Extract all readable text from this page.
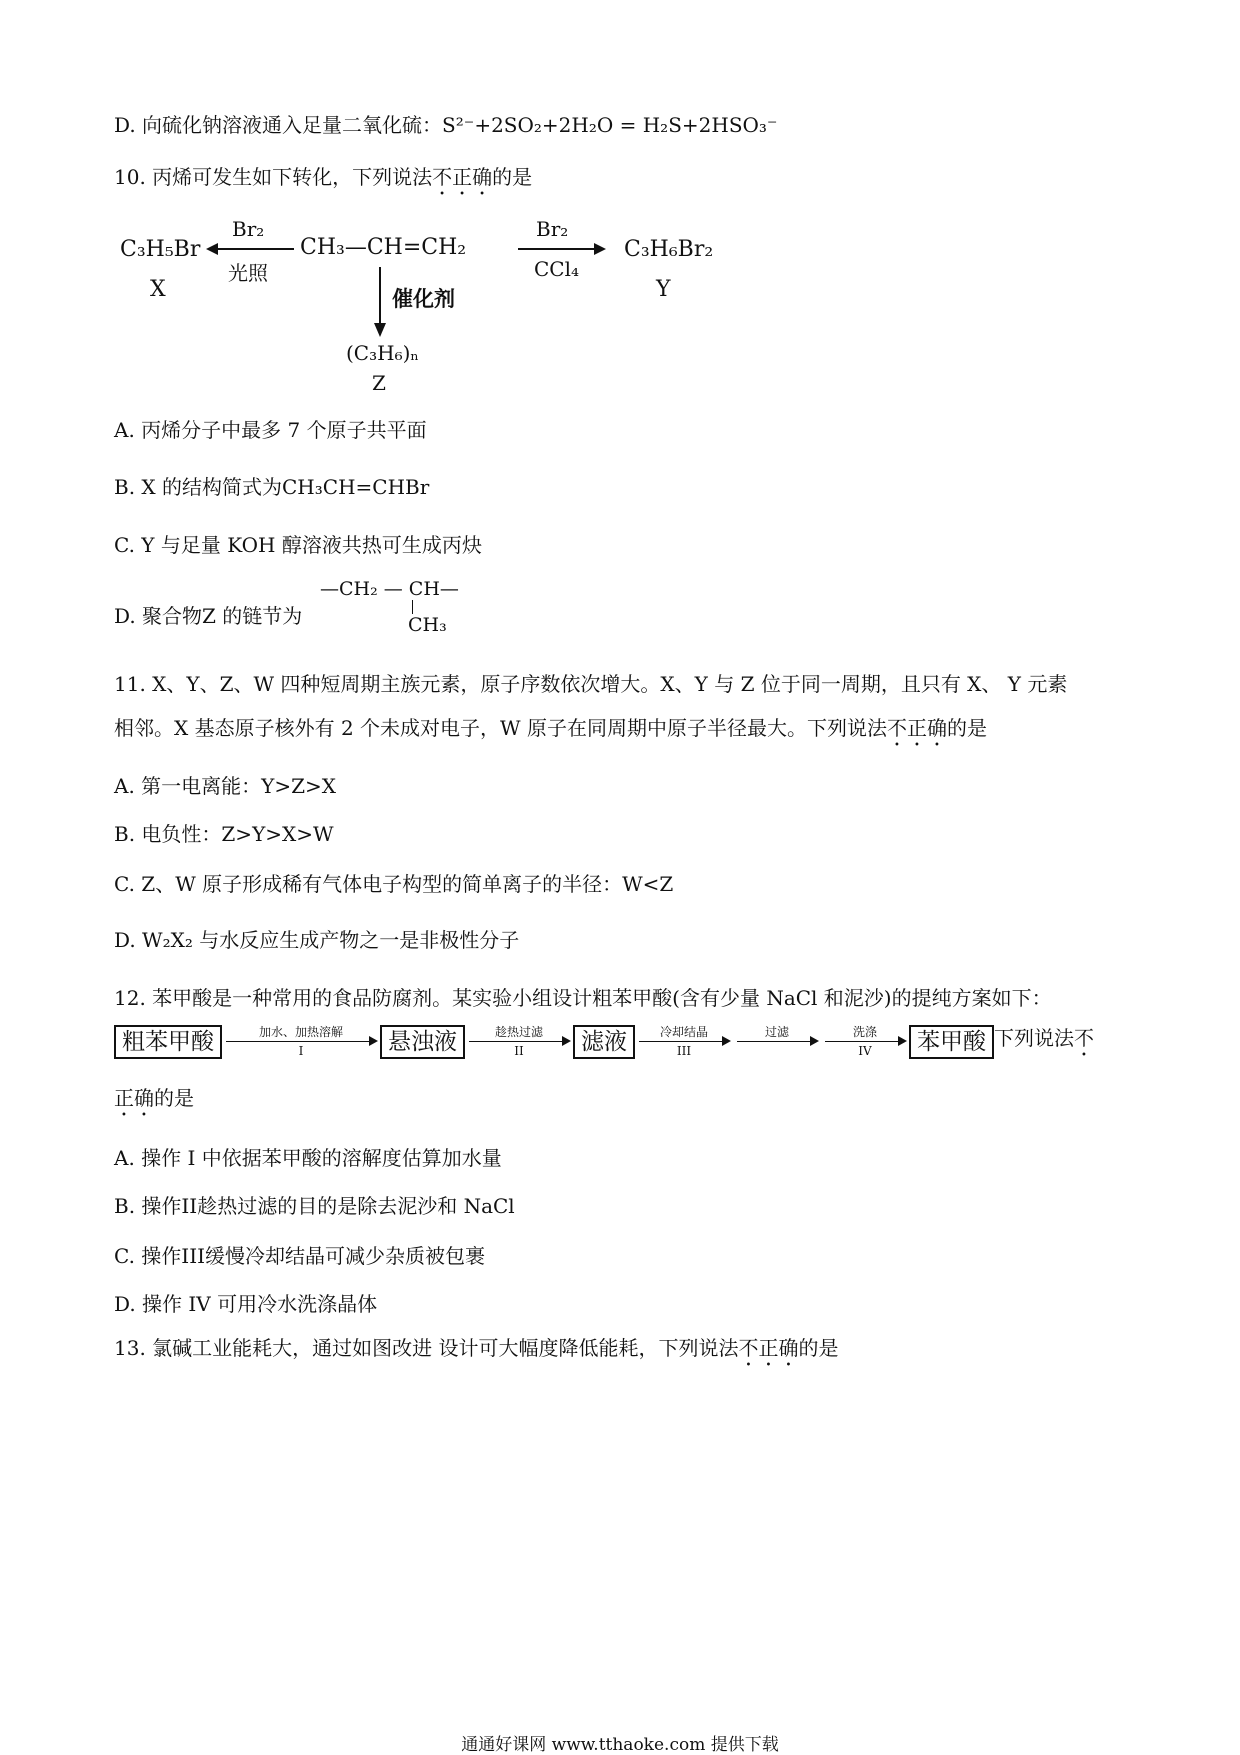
D. 向硫化钠溶液通入足量二氧化硫：S²⁻+2SO₂+2H₂O = H₂S+2HSO₃⁻
10. 丙烯可发生如下转化，下列说法不正确的是
C₃H₅Br
X
Br₂
光照
CH₃—CH=CH₂
Br₂
CCl₄
C₃H₆Br₂
Y
催化剂
(C₃H₆)ₙ
Z
A. 丙烯分子中最多 7 个原子共平面
B. X 的结构简式为CH₃CH=CHBr
C. Y 与足量 KOH 醇溶液共热可生成丙炔
D. 聚合物Z 的链节为
—CH₂ — CH—
CH₃
11. X、Y、Z、W 四种短周期主族元素，原子序数依次增大。X、Y 与 Z 位于同一周期，且只有 X、 Y 元素
相邻。X 基态原子核外有 2 个未成对电子，W 原子在同周期中原子半径最大。下列说法不正确的是
A. 第一电离能：Y>Z>X
B. 电负性：Z>Y>X>W
C. Z、W 原子形成稀有气体电子构型的简单离子的半径：W<Z
D. W₂X₂ 与水反应生成产物之一是非极性分子
12. 苯甲酸是一种常用的食品防腐剂。某实验小组设计粗苯甲酸(含有少量 NaCl 和泥沙)的提纯方案如下：
粗苯甲酸	加水、加热溶解
I	悬浊液	趁热过滤
II	滤液	冷却结晶
III
过滤
	洗涤
IV	苯甲酸 下列说法不
正确的是
A. 操作 I 中依据苯甲酸的溶解度估算加水量
B. 操作II趁热过滤的目的是除去泥沙和 NaCl
C. 操作III缓慢冷却结晶可减少杂质被包裹
D. 操作 IV 可用冷水洗涤晶体
13. 氯碱工业能耗大，通过如图改进 设计可大幅度降低能耗，下列说法不正确的是
通通好课网 www.tthaoke.com 提供下载
